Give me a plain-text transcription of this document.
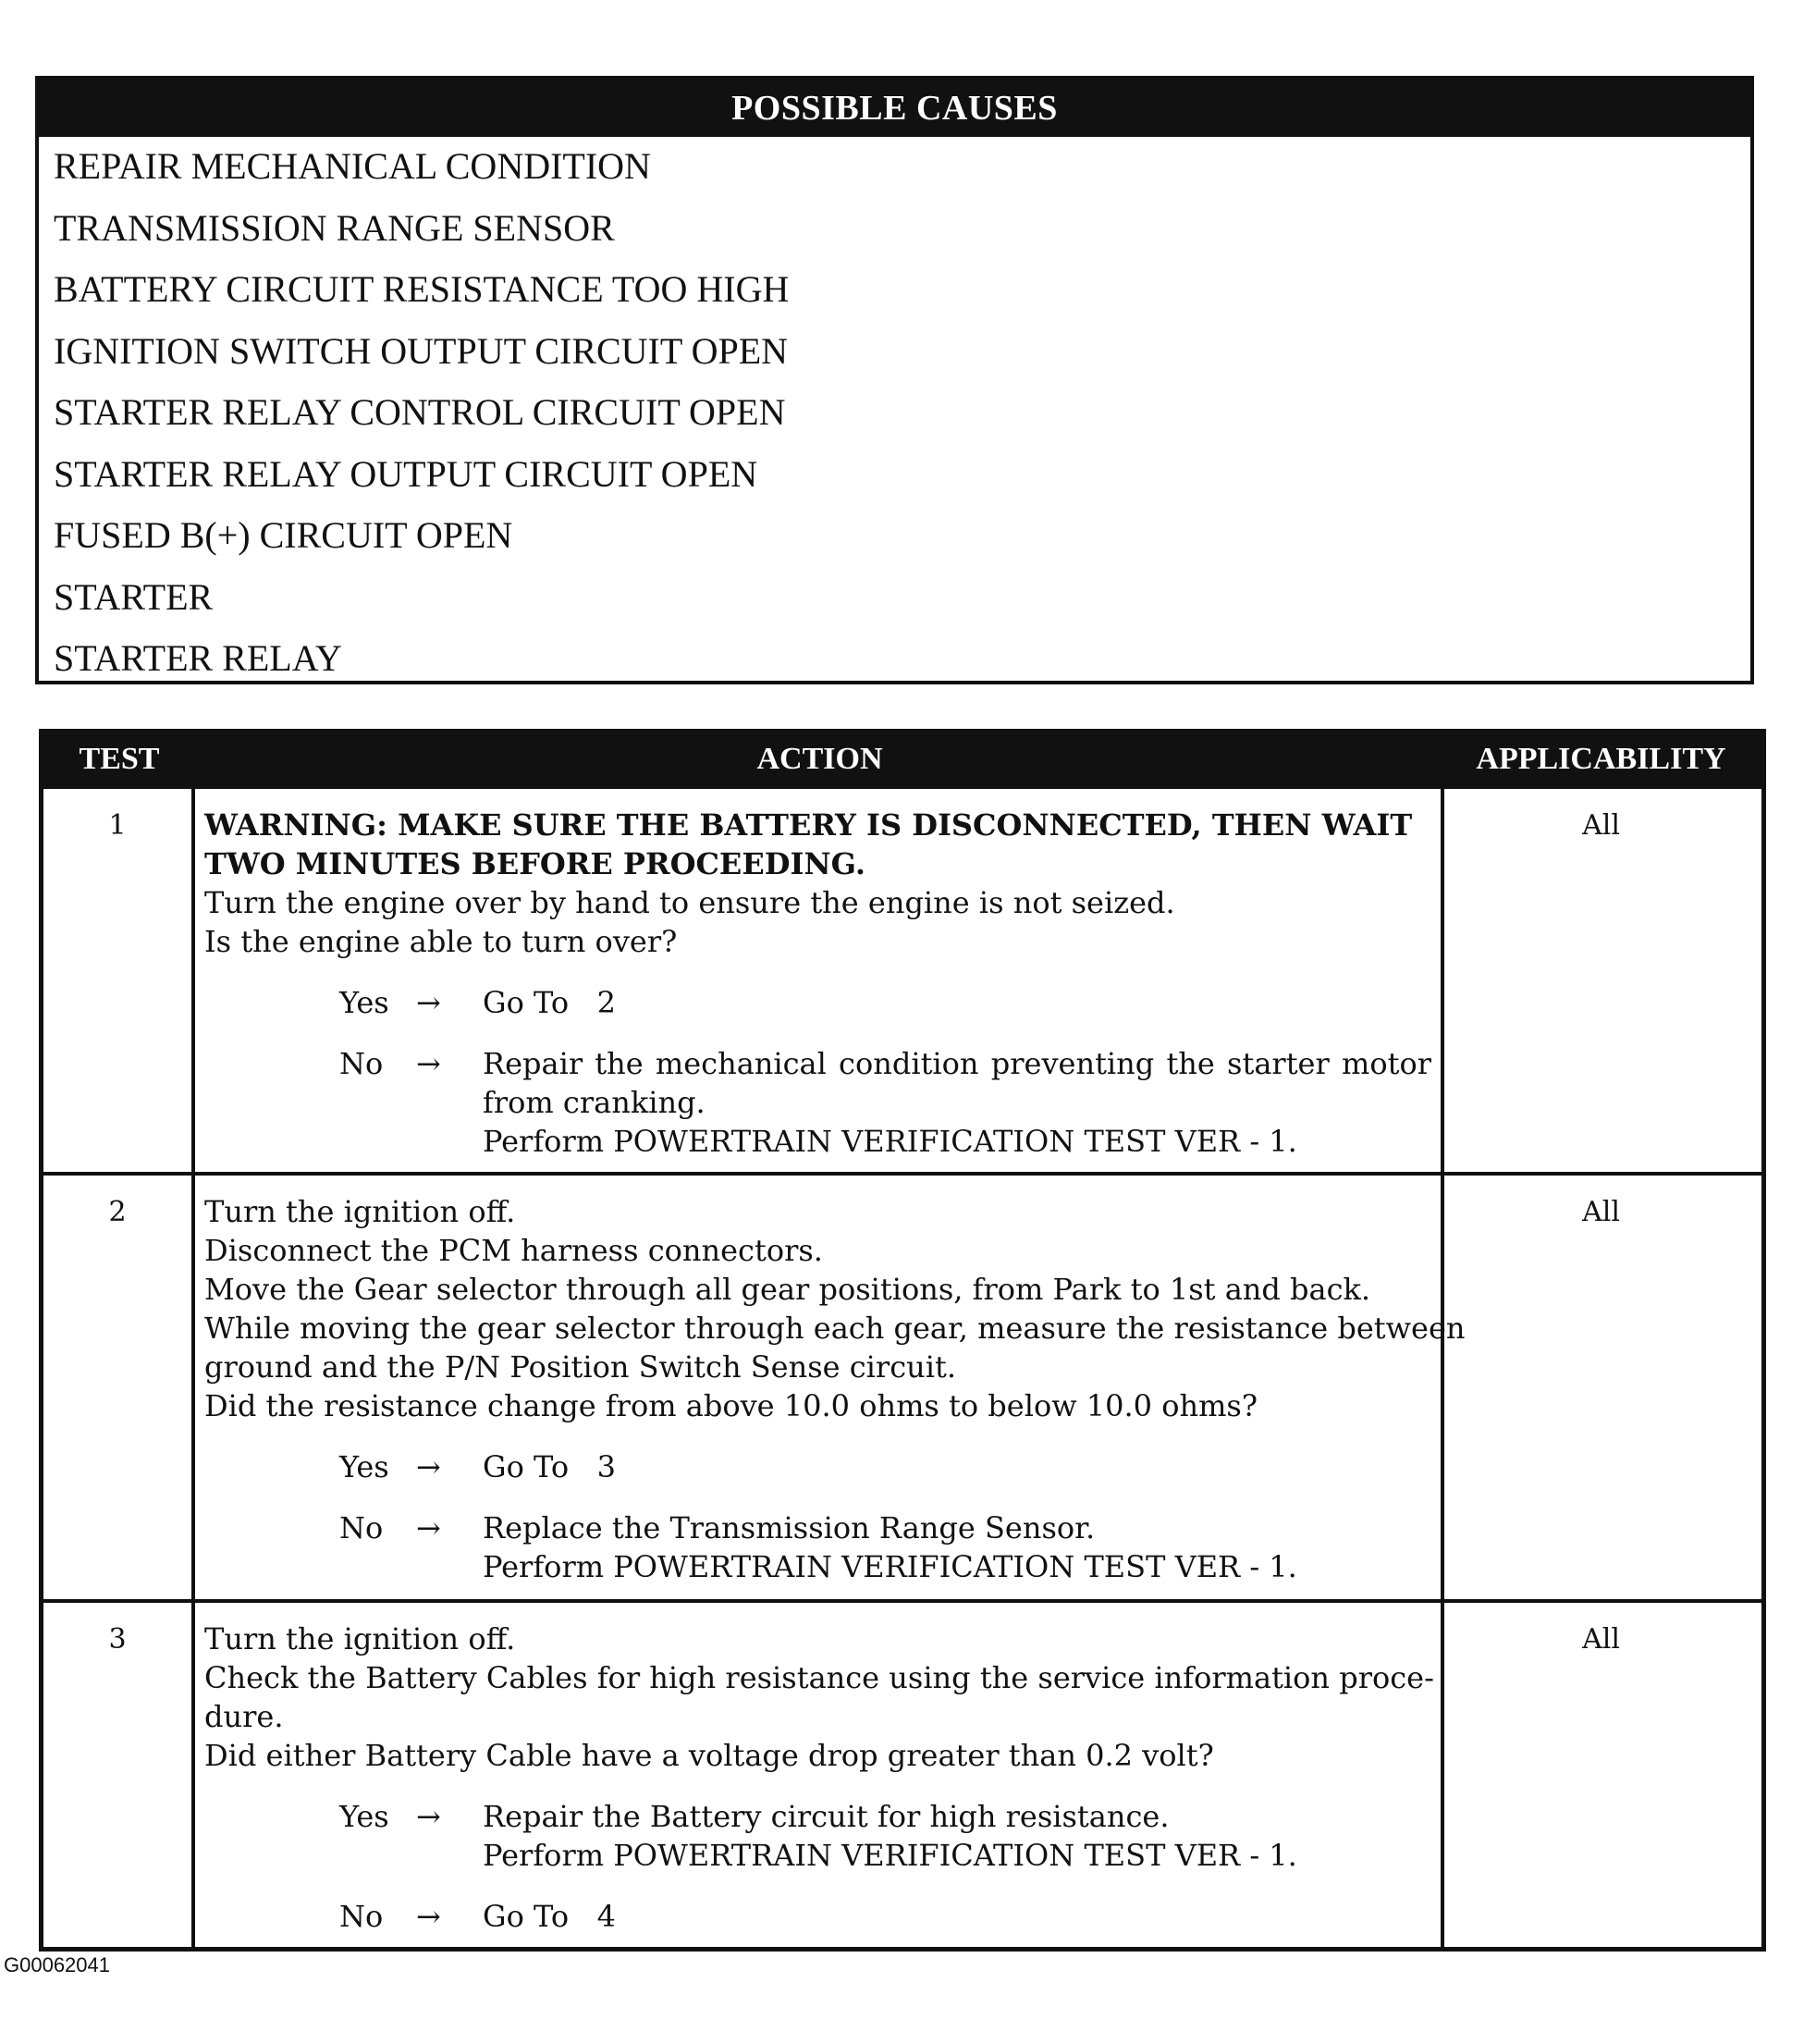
POSSIBLE CAUSES
REPAIR MECHANICAL CONDITION
TRANSMISSION RANGE SENSOR
BATTERY CIRCUIT RESISTANCE TOO HIGH
IGNITION SWITCH OUTPUT CIRCUIT OPEN
STARTER RELAY CONTROL CIRCUIT OPEN
STARTER RELAY OUTPUT CIRCUIT OPEN
FUSED B(+) CIRCUIT OPEN
STARTER
STARTER RELAY
TEST	ACTION	APPLICABILITY
1	WARNING: MAKE SURE THE BATTERY IS DISCONNECTED, THEN WAIT
TWO MINUTES BEFORE PROCEEDING.
Turn the engine over by hand to ensure the engine is not seized.
Is the engine able to turn over?
Yes →	Go To   2
No	→	Repair the mechanical condition preventing the starter motor
from cranking.
Perform POWERTRAIN VERIFICATION TEST VER - 1.
All
2	Turn the ignition off.
Disconnect the PCM harness connectors.
Move the Gear selector through all gear positions, from Park to 1st and back.
While moving the gear selector through each gear, measure the resistance between
ground and the P/N Position Switch Sense circuit.
Did the resistance change from above 10.0 ohms to below 10.0 ohms?
Yes →	Go To   3
No	→	Replace the Transmission Range Sensor.
Perform POWERTRAIN VERIFICATION TEST VER - 1.
All
3	Turn the ignition off.
Check the Battery Cables for high resistance using the service information proce-
dure.
Did either Battery Cable have a voltage drop greater than 0.2 volt?
Yes →	Repair the Battery circuit for high resistance.
Perform POWERTRAIN VERIFICATION TEST VER - 1.
No	→	Go To   4
All
G00062041
